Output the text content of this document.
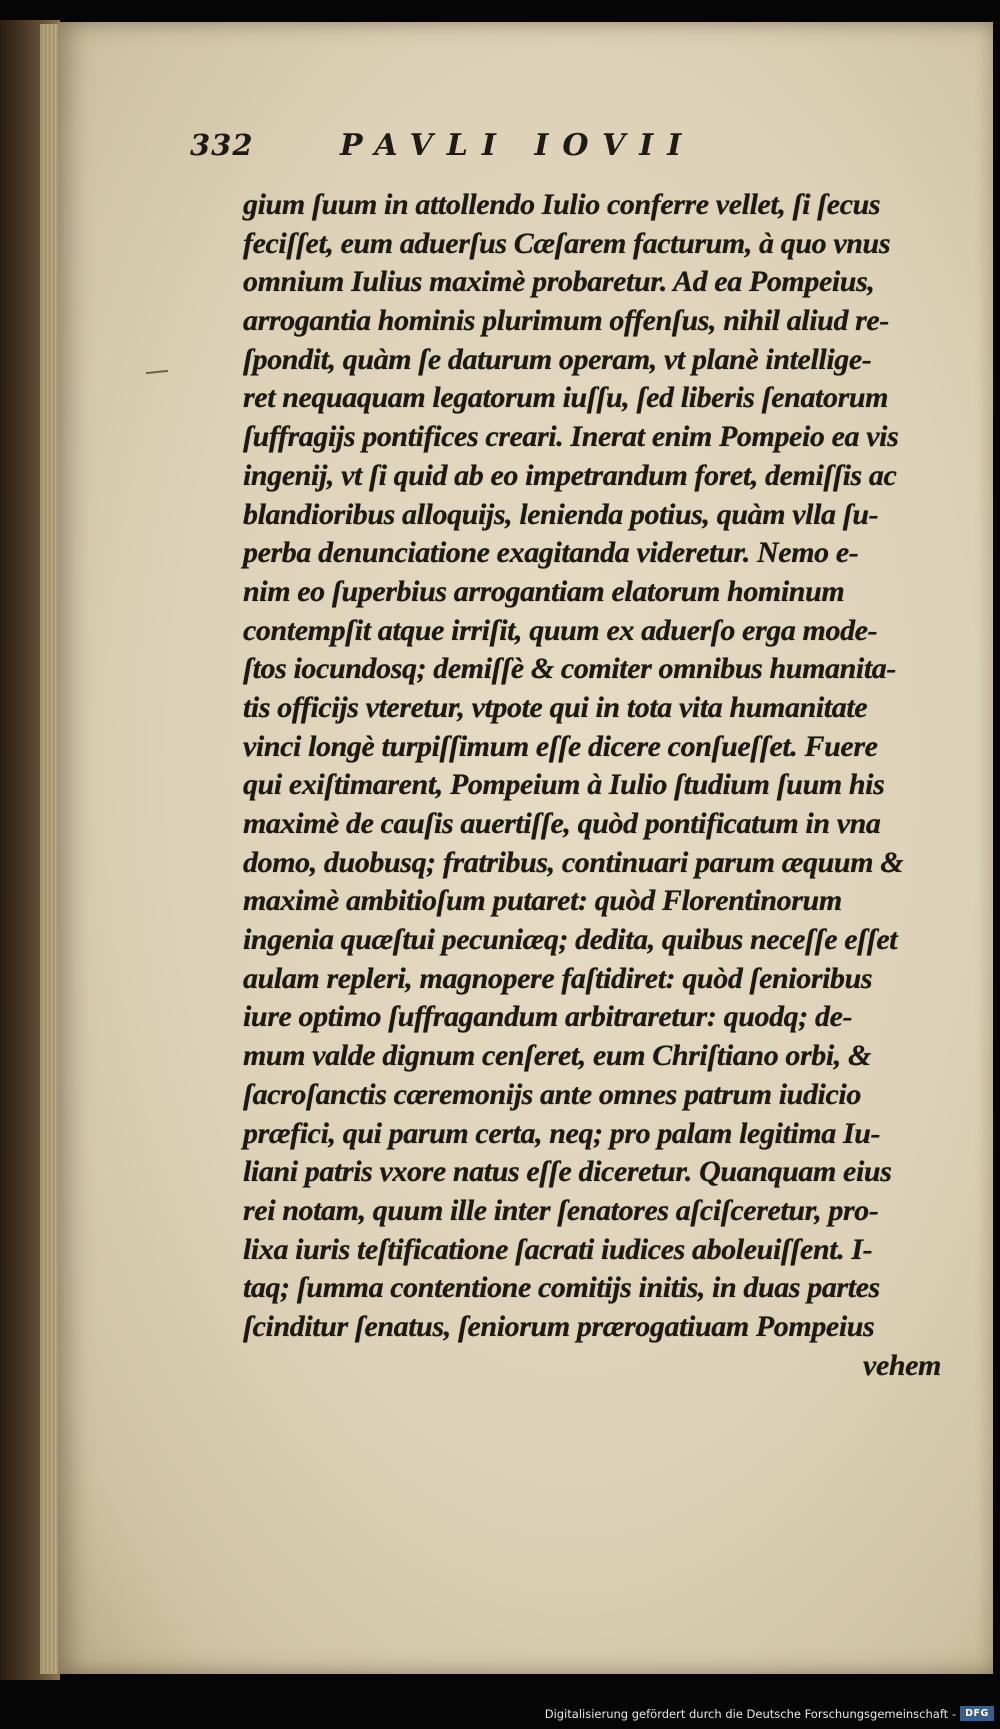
332	PAVLI IOVII
gium ſuum in attollendo Iulio conferre vellet, ſi ſecus
feciſſet, eum aduerſus Cæſarem facturum, à quo vnus
omnium Iulius maximè probaretur. Ad ea Pompeius,
arrogantia hominis plurimum offenſus, nihil aliud re-
ſpondit, quàm ſe daturum operam, vt planè intellige-
ret nequaquam legatorum iuſſu, ſed liberis ſenatorum
ſuffragijs pontifices creari. Inerat enim Pompeio ea vis
ingenij, vt ſi quid ab eo impetrandum foret, demiſſis ac
blandioribus alloquijs, lenienda potius, quàm vlla ſu-
perba denunciatione exagitanda videretur. Nemo e-
nim eo ſuperbius arrogantiam elatorum hominum
contempſit atque irriſit, quum ex aduerſo erga mode-
ſtos iocundosq; demiſſè & comiter omnibus humanita-
tis officijs vteretur, vtpote qui in tota vita humanitate
vinci longè turpiſſimum eſſe dicere conſueſſet. Fuere
qui exiſtimarent, Pompeium à Iulio ſtudium ſuum his
maximè de cauſis auertiſſe, quòd pontificatum in vna
domo, duobusq; fratribus, continuari parum æquum &
maximè ambitioſum putaret: quòd Florentinorum
ingenia quæſtui pecuniæq; dedita, quibus neceſſe eſſet
aulam repleri, magnopere faſtidiret: quòd ſenioribus
iure optimo ſuffragandum arbitraretur: quodq; de-
mum valde dignum cenſeret, eum Chriſtiano orbi, &
ſacroſanctis cæremonijs ante omnes patrum iudicio
præfici, qui parum certa, neq; pro palam legitima Iu-
liani patris vxore natus eſſe diceretur. Quanquam eius
rei notam, quum ille inter ſenatores aſciſceretur, pro-
lixa iuris teſtificatione ſacrati iudices aboleuiſſent. I-
taq; ſumma contentione comitijs initis, in duas partes
ſcinditur ſenatus, ſeniorum prærogatiuam Pompeius
vehem
Digitalisierung gefördert durch die Deutsche Forschungsgemeinschaft - DFG
